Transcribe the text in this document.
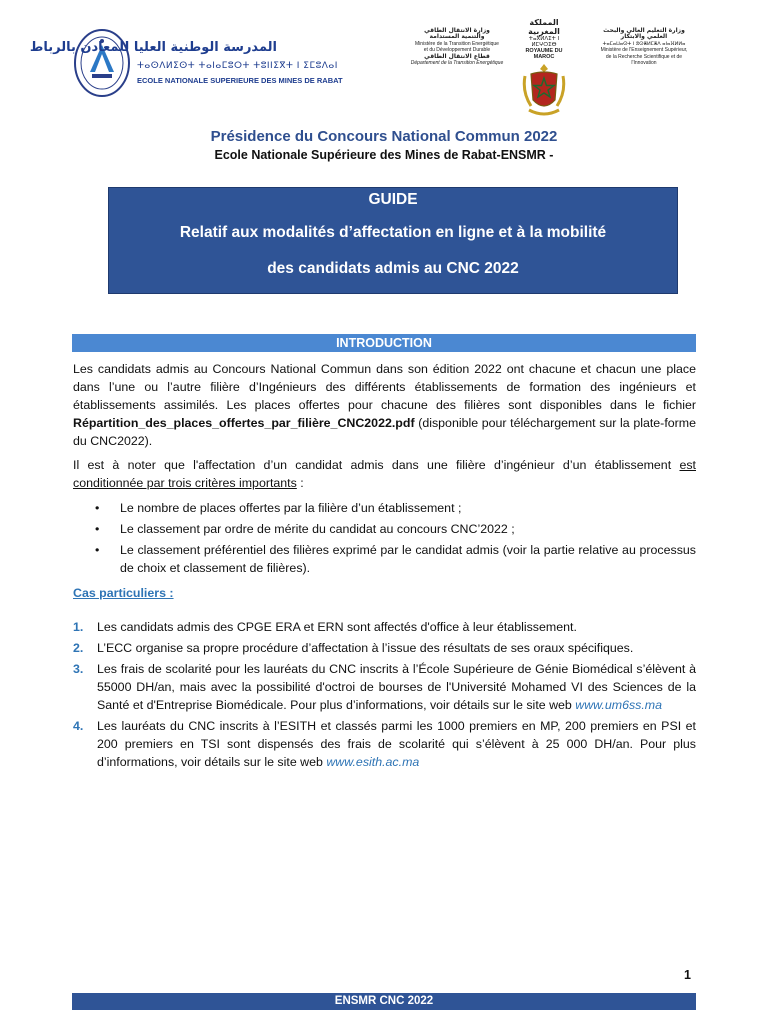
المدرسة الوطنية العليا للمعادن بالرباط
ⵜⴰⵙⴷⵍⵉⵙⵜ ⵜⴰⵏⴰⵎⵓⵔⵜ ⵜⵓⵏⵏⵉⴳⵜ ⵏ ⵉⵎⵓⴷⴰⵏ
ECOLE NATIONALE SUPERIEURE DES MINES DE RABAT
وزارة الانتقال الطاقي
والتنمية المستدامة
Ministère de la Transition Energétique
et du Développement Durable
قطاع الانتقال الطاقي
Département de la Transition Energétique
المملكة المغربية
ⵜⴰⴳⵍⴷⵉⵜ ⵏ ⵍⵎⵖⵔⵉⴱ
ROYAUME DU MAROC
وزارة التعليم العالي والبحث العلمي والابتكار
ⵜⴰⵎⴰⵡⴰⵙⵜ ⵏ ⵓⵙⴻⵍⵎⴻⴷ ⴰⵏⴰⴼⵍⵍⴰ
Ministère de l'Enseignement Supérieur,
de la Recherche Scientifique et de l'Innovation
Présidence du Concours National Commun 2022
Ecole Nationale Supérieure des Mines de Rabat-ENSMR -
GUIDE
Relatif aux modalités d’affectation en ligne et à la mobilité
des candidats admis au CNC 2022
INTRODUCTION
Les candidats admis au Concours National Commun dans son édition 2022 ont chacune et chacun une place dans l’une ou l’autre filière d’Ingénieurs des différents établissements de formation des ingénieurs et établissements assimilés. Les places offertes pour chacune des filières sont disponibles dans le fichier Répartition_des_places_offertes_par_filière_CNC2022.pdf (disponible pour téléchargement sur la plate-forme du CNC2022).
Il est à noter que l'affectation d’un candidat admis dans une filière d’ingénieur d’un établissement est conditionnée par trois critères importants :
• Le nombre de places offertes par la filière d’un établissement ;
• Le classement par ordre de mérite du candidat au concours CNC’2022 ;
• Le classement préférentiel des filières exprimé par le candidat admis (voir la partie relative au processus de choix et classement de filières).
Cas particuliers :
1. Les candidats admis des CPGE ERA et ERN sont affectés d'office à leur établissement.
2. L’ECC organise sa propre procédure d’affectation à l’issue des résultats de ses oraux spécifiques.
3. Les frais de scolarité pour les lauréats du CNC inscrits à l’École Supérieure de Génie Biomédical s’élèvent à 55000 DH/an, mais avec la possibilité d'octroi de bourses de l'Université Mohamed VI des Sciences de la Santé et d'Entreprise Biomédicale. Pour plus d’informations, voir détails sur le site web www.um6ss.ma
4. Les lauréats du CNC inscrits à l’ESITH et classés parmi les 1000 premiers en MP, 200 premiers en PSI et 200 premiers en TSI sont dispensés des frais de scolarité qui s’élèvent à 25 000 DH/an. Pour plus d’informations, voir détails sur le site web www.esith.ac.ma
1
ENSMR CNC 2022
